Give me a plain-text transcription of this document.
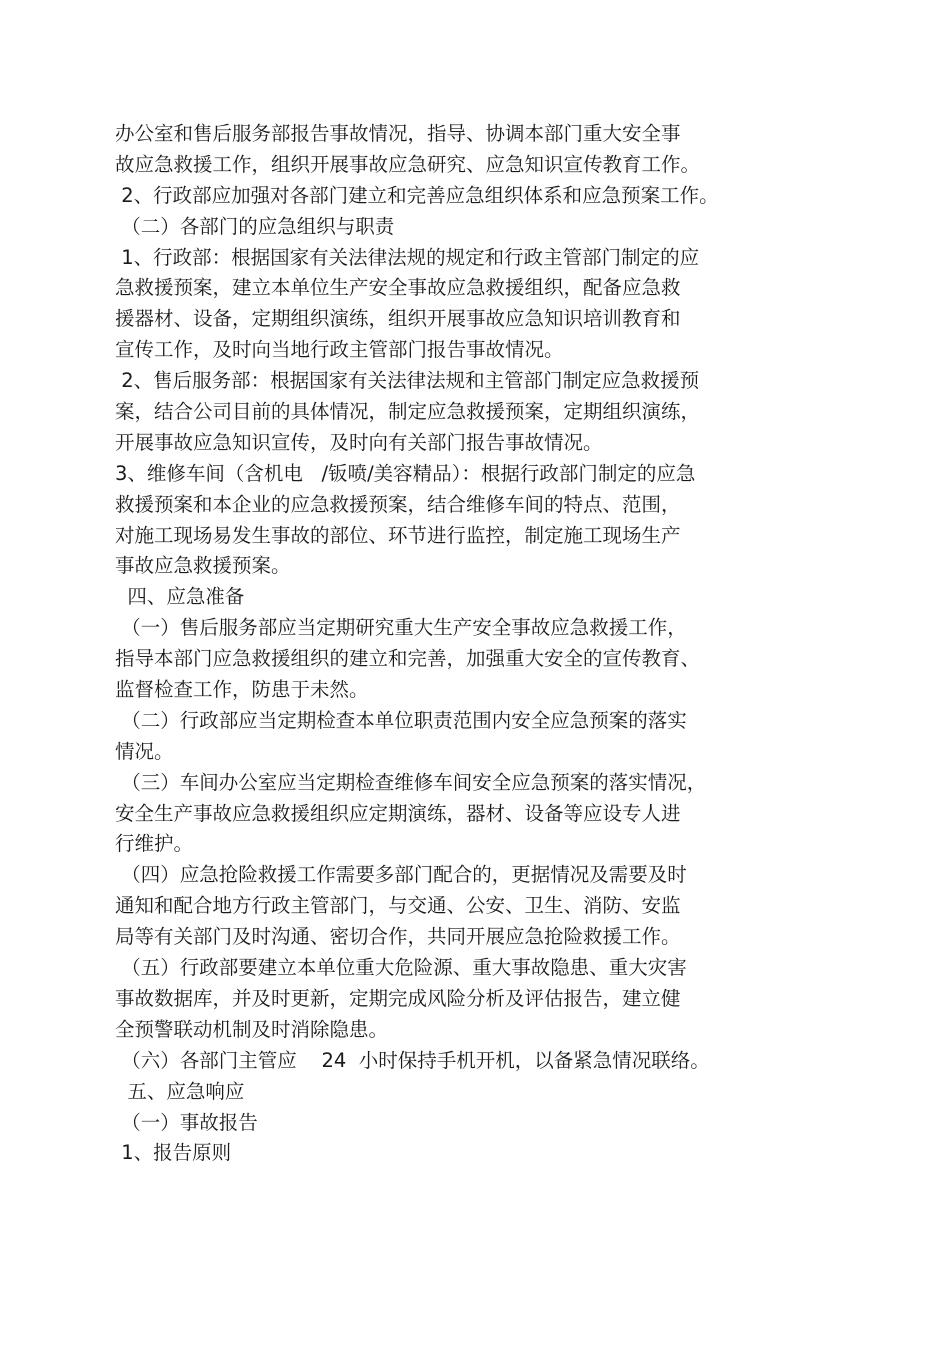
办公室和售后服务部报告事故情况，指导、协调本部门重大安全事
故应急救援工作，组织开展事故应急研究、应急知识宣传教育工作。
2、行政部应加强对各部门建立和完善应急组织体系和应急预案工作。
（二）各部门的应急组织与职责
1、行政部：根据国家有关法律法规的规定和行政主管部门制定的应
急救援预案，建立本单位生产安全事故应急救援组织，配备应急救
援器材、设备，定期组织演练，组织开展事故应急知识培训教育和
宣传工作，及时向当地行政主管部门报告事故情况。
2、售后服务部：根据国家有关法律法规和主管部门制定应急救援预
案，结合公司目前的具体情况，制定应急救援预案，定期组织演练，
开展事故应急知识宣传，及时向有关部门报告事故情况。
3、维修车间（含机电   /钣喷/美容精品）：根据行政部门制定的应急
救援预案和本企业的应急救援预案，结合维修车间的特点、范围，
对施工现场易发生事故的部位、环节进行监控，制定施工现场生产
事故应急救援预案。
四、应急准备
（一）售后服务部应当定期研究重大生产安全事故应急救援工作，
指导本部门应急救援组织的建立和完善，加强重大安全的宣传教育、
监督检查工作，防患于未然。
（二）行政部应当定期检查本单位职责范围内安全应急预案的落实
情况。
（三）车间办公室应当定期检查维修车间安全应急预案的落实情况，
安全生产事故应急救援组织应定期演练，器材、设备等应设专人进
行维护。
（四）应急抢险救援工作需要多部门配合的，更据情况及需要及时
通知和配合地方行政主管部门，与交通、公安、卫生、消防、安监
局等有关部门及时沟通、密切合作，共同开展应急抢险救援工作。
（五）行政部要建立本单位重大危险源、重大事故隐患、重大灾害
事故数据库，并及时更新，定期完成风险分析及评估报告，建立健
全预警联动机制及时消除隐患。
（六）各部门主管应    24  小时保持手机开机，以备紧急情况联络。
五、应急响应
（一）事故报告
1、报告原则
